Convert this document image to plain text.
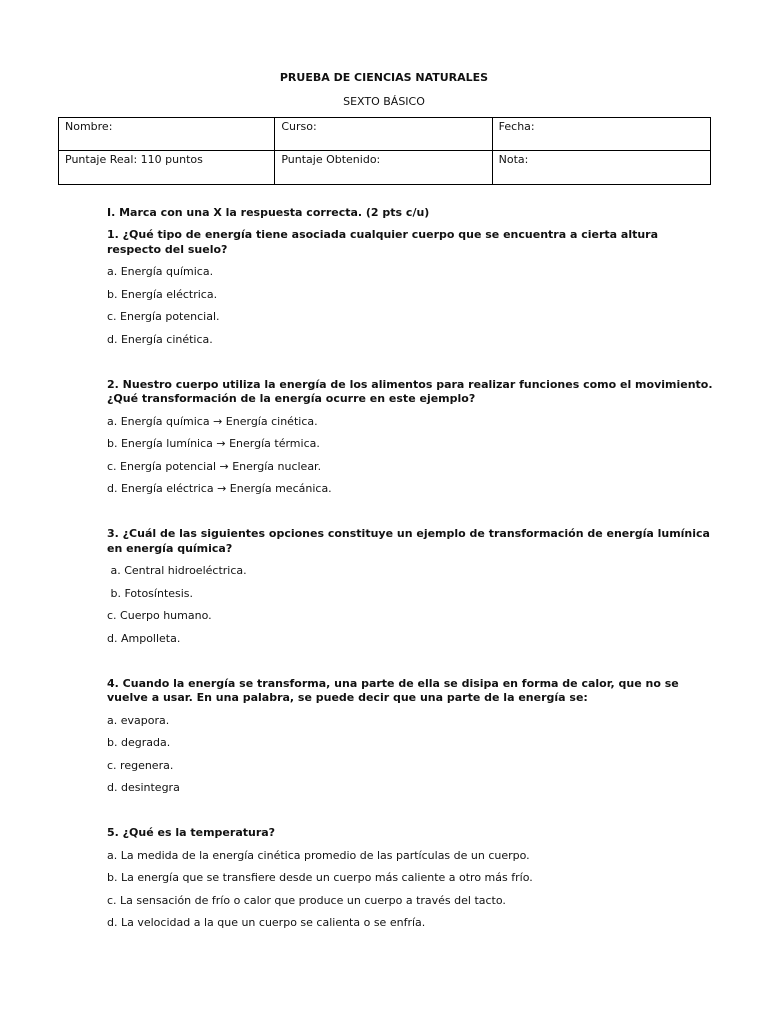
PRUEBA DE CIENCIAS NATURALES
SEXTO BÁSICO
Nombre:	Curso:	Fecha:
Puntaje Real: 110 puntos	Puntaje Obtenido:	Nota:
I. Marca con una X la respuesta correcta. (2 pts c/u)
1. ¿Qué tipo de energía tiene asociada cualquier cuerpo que se encuentra a cierta altura
respecto del suelo?
a. Energía química.
b. Energía eléctrica.
c. Energía potencial.
d. Energía cinética.
2. Nuestro cuerpo utiliza la energía de los alimentos para realizar funciones como el movimiento.
¿Qué transformación de la energía ocurre en este ejemplo?
a. Energía química → Energía cinética.
b. Energía lumínica → Energía térmica.
c. Energía potencial → Energía nuclear.
d. Energía eléctrica → Energía mecánica.
3. ¿Cuál de las siguientes opciones constituye un ejemplo de transformación de energía lumínica
en energía química?
a. Central hidroeléctrica.
b. Fotosíntesis.
c. Cuerpo humano.
d. Ampolleta.
4. Cuando la energía se transforma, una parte de ella se disipa en forma de calor, que no se
vuelve a usar. En una palabra, se puede decir que una parte de la energía se:
a. evapora.
b. degrada.
c. regenera.
d. desintegra
5. ¿Qué es la temperatura?
a. La medida de la energía cinética promedio de las partículas de un cuerpo.
b. La energía que se transfiere desde un cuerpo más caliente a otro más frío.
c. La sensación de frío o calor que produce un cuerpo a través del tacto.
d. La velocidad a la que un cuerpo se calienta o se enfría.
